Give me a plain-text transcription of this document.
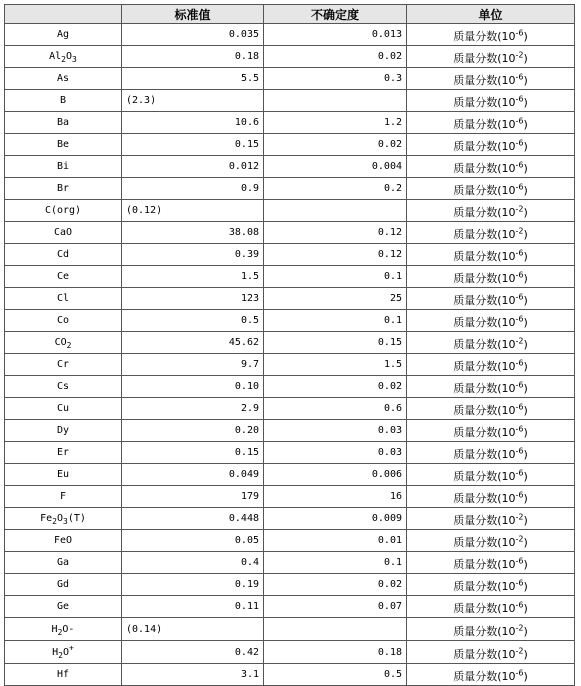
	标准值	不确定度	单位
Ag	0.035	0.013	质量分数$(10^{-6})$
$Al_2O_3$	0.18	0.02	质量分数$(10^{-2})$
As	5.5	0.3	质量分数$(10^{-6})$
B	(2.3)		质量分数$(10^{-6})$
Ba	10.6	1.2	质量分数$(10^{-6})$
Be	0.15	0.02	质量分数$(10^{-6})$
Bi	0.012	0.004	质量分数$(10^{-6})$
Br	0.9	0.2	质量分数$(10^{-6})$
C(org)	(0.12)		质量分数$(10^{-2})$
CaO	38.08	0.12	质量分数$(10^{-2})$
Cd	0.39	0.12	质量分数$(10^{-6})$
Ce	1.5	0.1	质量分数$(10^{-6})$
Cl	123	25	质量分数$(10^{-6})$
Co	0.5	0.1	质量分数$(10^{-6})$
$CO_2$	45.62	0.15	质量分数$(10^{-2})$
Cr	9.7	1.5	质量分数$(10^{-6})$
Cs	0.10	0.02	质量分数$(10^{-6})$
Cu	2.9	0.6	质量分数$(10^{-6})$
Dy	0.20	0.03	质量分数$(10^{-6})$
Er	0.15	0.03	质量分数$(10^{-6})$
Eu	0.049	0.006	质量分数$(10^{-6})$
F	179	16	质量分数$(10^{-6})$
$Fe_2O_3(T)$	0.448	0.009	质量分数$(10^{-2})$
FeO	0.05	0.01	质量分数$(10^{-2})$
Ga	0.4	0.1	质量分数$(10^{-6})$
Gd	0.19	0.02	质量分数$(10^{-6})$
Ge	0.11	0.07	质量分数$(10^{-6})$
$H_2O-$	(0.14)		质量分数$(10^{-2})$
$H_2O^+$	0.42	0.18	质量分数$(10^{-2})$
Hf	3.1	0.5	质量分数$(10^{-6})$
